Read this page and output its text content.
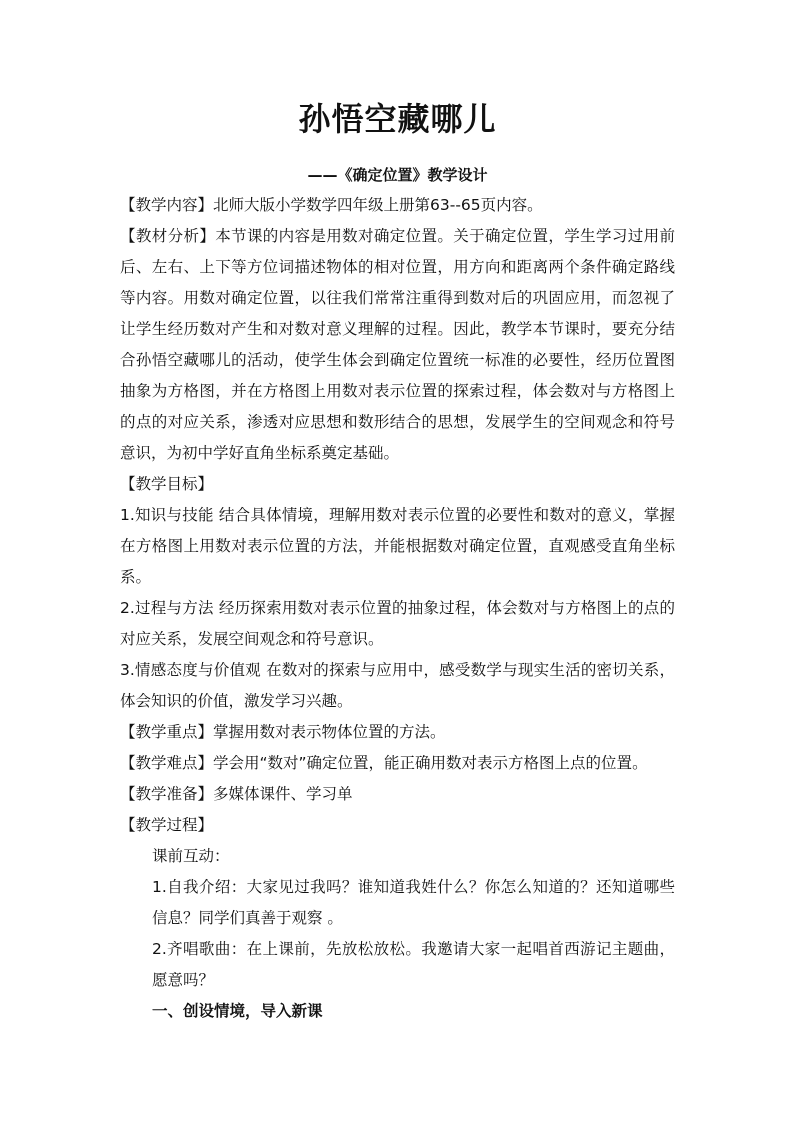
孙悟空藏哪儿
——《确定位置》教学设计

【教学内容】北师大版小学数学四年级上册第63--65页内容。

【教材分析】本节课的内容是用数对确定位置。关于确定位置，学生学习过用前后、左右、上下等方位词描述物体的相对位置，用方向和距离两个条件确定路线等内容。用数对确定位置，以往我们常常注重得到数对后的巩固应用，而忽视了让学生经历数对产生和对数对意义理解的过程。因此，教学本节课时，要充分结合孙悟空藏哪儿的活动，使学生体会到确定位置统一标准的必要性，经历位置图抽象为方格图，并在方格图上用数对表示位置的探索过程，体会数对与方格图上的点的对应关系，渗透对应思想和数形结合的思想，发展学生的空间观念和符号意识，为初中学好直角坐标系奠定基础。

【教学目标】

1.知识与技能 结合具体情境，理解用数对表示位置的必要性和数对的意义，掌握在方格图上用数对表示位置的方法，并能根据数对确定位置，直观感受直角坐标系。

2.过程与方法 经历探索用数对表示位置的抽象过程，体会数对与方格图上的点的对应关系，发展空间观念和符号意识。

3.情感态度与价值观 在数对的探索与应用中，感受数学与现实生活的密切关系，体会知识的价值，激发学习兴趣。

【教学重点】掌握用数对表示物体位置的方法。

【教学难点】学会用“数对”确定位置，能正确用数对表示方格图上点的位置。

【教学准备】多媒体课件、学习单

【教学过程】

课前互动：

1.自我介绍：大家见过我吗？谁知道我姓什么？你怎么知道的？还知道哪些信息？同学们真善于观察 。

2.齐唱歌曲：在上课前，先放松放松。我邀请大家一起唱首西游记主题曲，愿意吗？

一、创设情境，导入新课
